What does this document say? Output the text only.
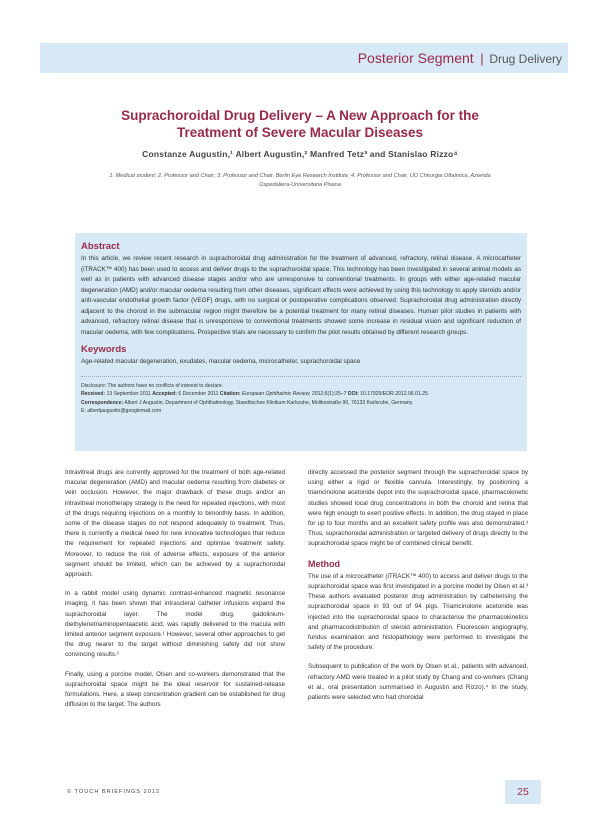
Posterior Segment | Drug Delivery
Suprachoroidal Drug Delivery – A New Approach for the
Treatment of Severe Macular Diseases
Constanze Augustin,¹ Albert Augustin,² Manfred Tetz³ and Stanislao Rizzo⁴
1. Medical student; 2. Professor and Chair; 3. Professor and Chair, Berlin Eye Research Institute; 4. Professor and Chair, UO Chirurgia Oftalmica, Azienda
Ospedaliera-Universitaria Pisana
Abstract
In this article, we review recent research in suprachoroidal drug administration for the treatment of advanced, refractory, retinal disease. A microcatheter (iTRACK™ 400) has been used to access and deliver drugs to the suprachoroidal space. This technology has been investigated in several animal models as well as in patients with advanced disease stages and/or who are unresponsive to conventional treatments. In groups with either age-related macular degeneration (AMD) and/or macular oedema resulting from other diseases, significant effects were achieved by using this technology to apply steroids and/or anti-vascular endothelial growth factor (VEGF) drugs, with no surgical or postoperative complications observed. Suprachoroidal drug administration directly adjacent to the choroid in the submacular region might therefore be a potential treatment for many retinal diseases. Human pilot studies in patients with advanced, refractory retinal disease that is unresponsive to conventional treatments showed some increase in residual vision and significant reduction of macular oedema, with few complications. Prospective trials are necessary to confirm the pilot results obtained by different research groups.
Keywords
Age-related macular degeneration, exudates, macular oedema, microcatheter, suprachoroidal space
Disclosure: The authors have no conflicts of interest to declare.
Received: 13 September 2011 Accepted: 6 December 2011 Citation: European Ophthalmic Review, 2012;6(1):25–7 DOI: 10.17925/EOR.2012.06.01.25
Correspondence: Albert J Augustin, Department of Ophthalmology, Staedtisches Klinikum Karlsruhe, Moltkestraße 90, 76133 Karlsruhe, Germany.
E: albertjaugustin@googlemail.com

Intravitreal drugs are currently approved for the treatment of both age-related macular degeneration (AMD) and macular oedema resulting from diabetes or vein occlusion. However, the major drawback of these drugs and/or an intravitreal monotherapy strategy is the need for repeated injections, with most of the drugs requiring injections on a monthly to bimonthly basis. In addition, some of the disease stages do not respond adequately to treatment. Thus, there is currently a medical need for new innovative technologies that reduce the requirement for repeated injections and optimise treatment safety. Moreover, to reduce the risk of adverse effects, exposure of the anterior segment should be limited, which can be achieved by a suprachoroidal approach.

In a rabbit model using dynamic contrast-enhanced magnetic resonance imaging, it has been shown that intrascleral catheter infusions expand the suprachoroidal layer. The model drug, gadolinium-diethylenetriaminopentaacetic acid, was rapidly delivered to the macula with limited anterior segment exposure.¹ However, several other approaches to get the drug nearer to the target without diminishing safety did not show convincing results.²

Finally, using a porcine model, Olsen and co-workers demonstrated that the suprachoroidal space might be the ideal reservoir for sustained-release formulations. Here, a steep concentration gradient can be established for drug diffusion to the target. The authors

directly accessed the posterior segment through the suprachoroidal space by using either a rigid or flexible cannula. Interestingly, by positioning a triamcinolone acetonide depot into the suprachoroidal space, pharmacokinetic studies showed local drug concentrations in both the choroid and retina that were high enough to exert positive effects. In addition, the drug stayed in place for up to four months and an excellent safety profile was also demonstrated.³ Thus, suprachoroidal administration or targeted delivery of drugs directly to the suprachoroidal space might be of combined clinical benefit.

Method

The use of a microcatheter (iTRACK™ 400) to access and deliver drugs to the suprachoroidal space was first investigated in a porcine model by Olsen et al.³ These authors evaluated posterior drug administration by catheterising the suprachoroidal space in 93 out of 94 pigs. Triamcinolone acetonide was injected into the suprachoroidal space to characterise the pharmacokinetics and pharmacodistribution of steroid administration. Fluorescein angiography, fundus examination and histopathology were performed to investigate the safety of the procedure.

Subsequent to publication of the work by Olsen et al., patients with advanced, refractory AMD were treated in a pilot study by Chang and co-workers (Chang et al., oral presentation summarised in Augustin and Rizzo).⁴ In the study, patients were selected who had choroidal

© TOUCH BRIEFINGS 2012	25
